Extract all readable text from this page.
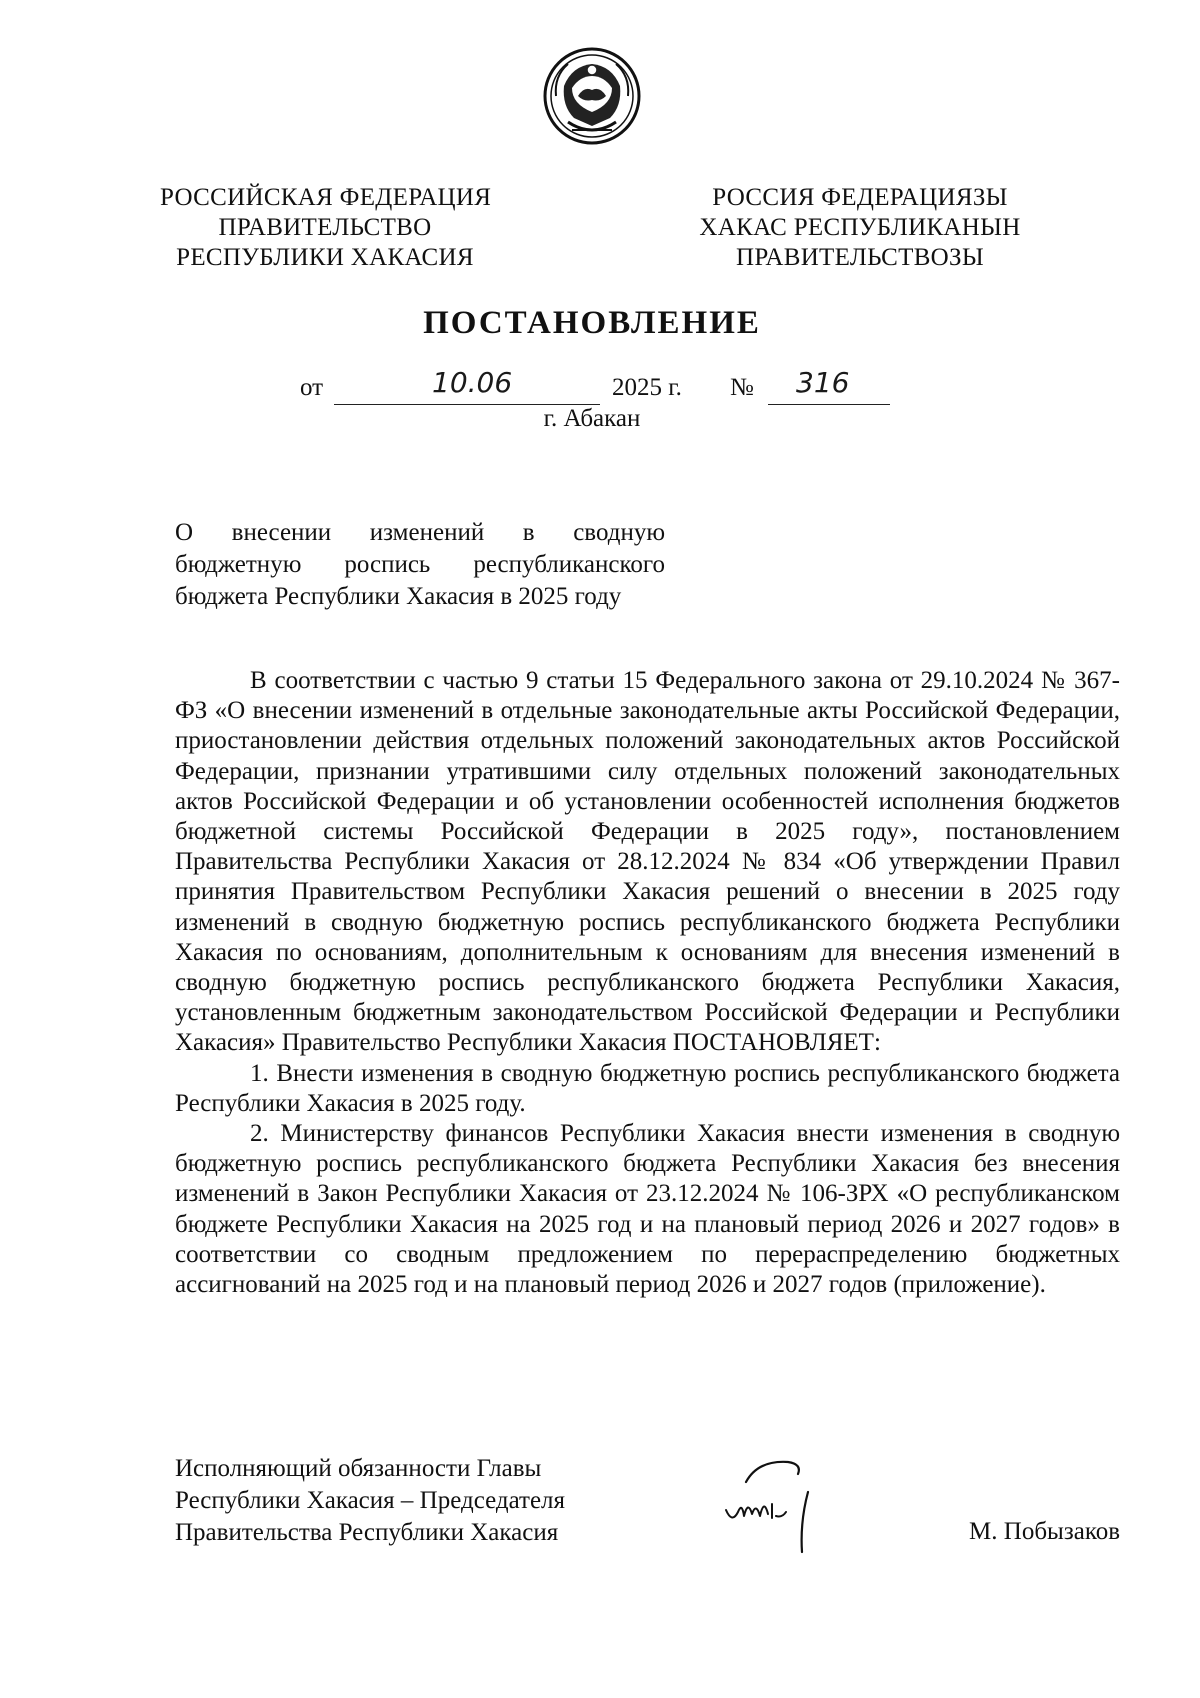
РОССИЙСКАЯ ФЕДЕРАЦИЯ
ПРАВИТЕЛЬСТВО
РЕСПУБЛИКИ ХАКАСИЯ
РОССИЯ ФЕДЕРАЦИЯЗЫ
ХАКАС РЕСПУБЛИКАНЫН
ПРАВИТЕЛЬСТВОЗЫ
ПОСТАНОВЛЕНИЕ
от	10.06	2025 г. № 316
г. Абакан
О внесении изменений в сводную
бюджетную роспись республиканского
бюджета Республики Хакасия в 2025 году

В соответствии с частью 9 статьи 15 Федерального закона от 29.10.2024 № 367-ФЗ «О внесении изменений в отдельные законодательные акты Российской Федерации, приостановлении действия отдельных положений законодательных актов Российской Федерации, признании утратившими силу отдельных положений законодательных актов Российской Федерации и об установлении особенностей исполнения бюджетов бюджетной системы Российской Федерации в 2025 году», постановлением Правительства Республики Хакасия от 28.12.2024 № 834 «Об утверждении Правил принятия Правительством Республики Хакасия решений о внесении в 2025 году изменений в сводную бюджетную роспись республиканского бюджета Республики Хакасия по основаниям, дополнительным к основаниям для внесения изменений в сводную бюджетную роспись республиканского бюджета Республики Хакасия, установленным бюджетным законодательством Российской Федерации и Республики Хакасия» Правительство Республики Хакасия ПОСТАНОВЛЯЕТ:

1. Внести изменения в сводную бюджетную роспись республиканского бюджета Республики Хакасия в 2025 году.

2. Министерству финансов Республики Хакасия внести изменения в сводную бюджетную роспись республиканского бюджета Республики Хакасия без внесения изменений в Закон Республики Хакасия от 23.12.2024 № 106-ЗРХ «О республиканском бюджете Республики Хакасия на 2025 год и на плановый период 2026 и 2027 годов» в соответствии со сводным предложением по перераспределению бюджетных ассигнований на 2025 год и на плановый период 2026 и 2027 годов (приложение).

Исполняющий обязанности Главы
Республики Хакасия – Председателя
Правительства Республики Хакасия	М. Побызаков
